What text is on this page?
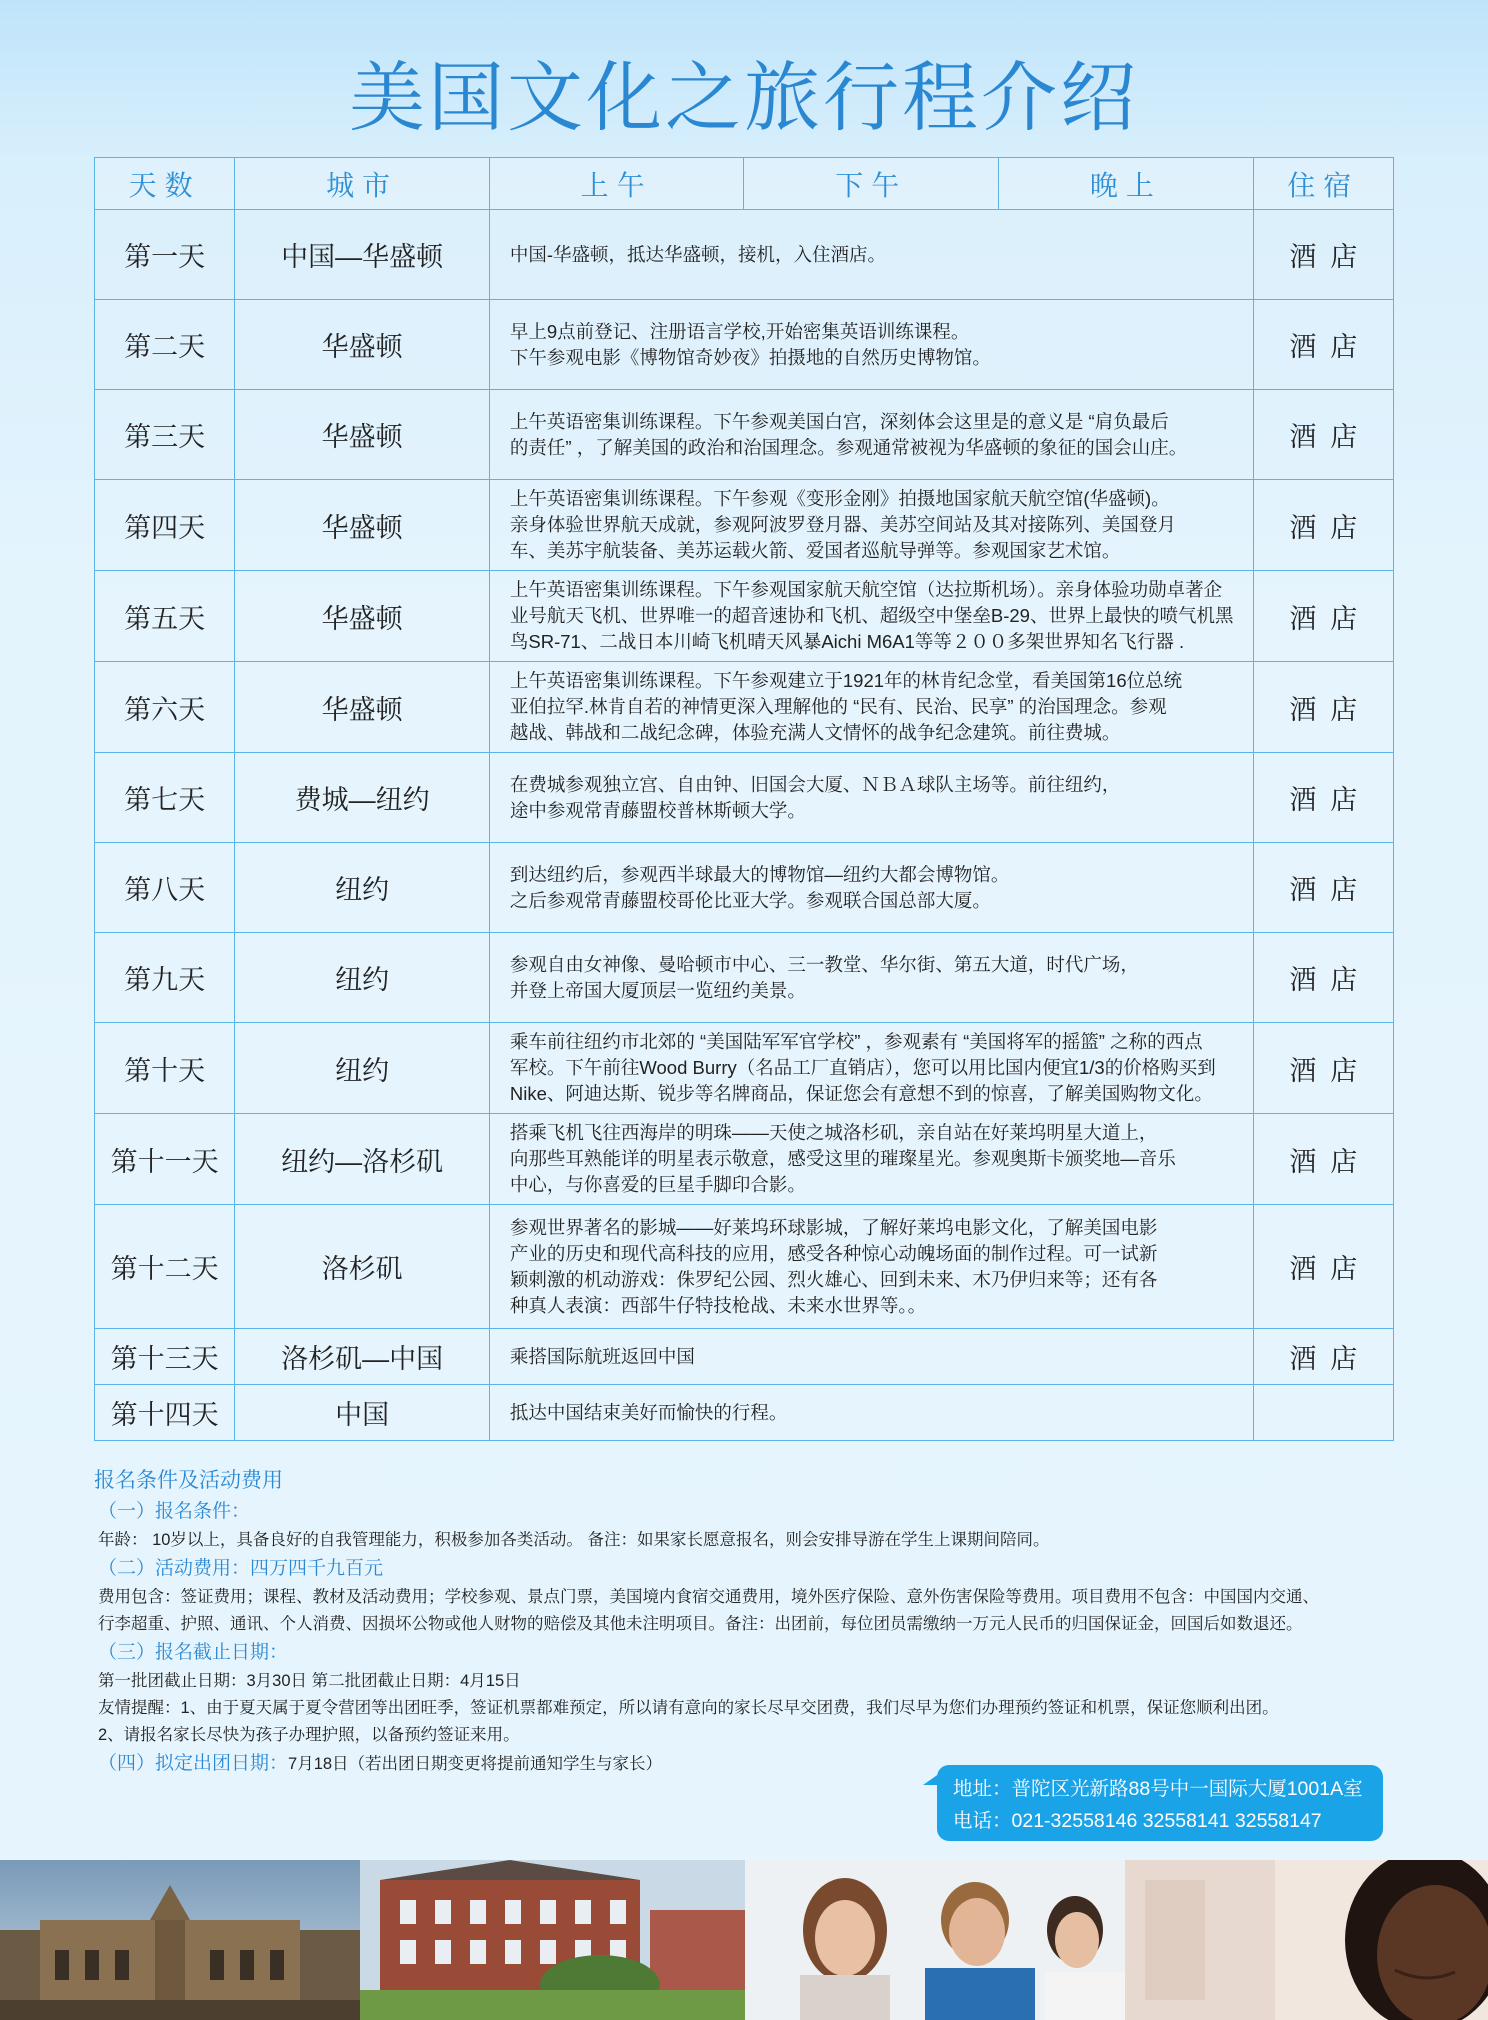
美国文化之旅行程介绍
天数	城市	上午	下午	晚上	住宿
第一天	中国—华盛顿	中国-华盛顿，抵达华盛顿，接机，入住酒店。			酒店
第二天	华盛顿	早上9点前登记、注册语言学校,开始密集英语训练课程。
下午参观电影《博物馆奇妙夜》拍摄地的自然历史博物馆。			酒店
第三天	华盛顿	上午英语密集训练课程。下午参观美国白宫，深刻体会这里是的意义是 “肩负最后
的责任” ，了解美国的政治和治国理念。参观通常被视为华盛顿的象征的国会山庄。			酒店
第四天	华盛顿	上午英语密集训练课程。下午参观《变形金刚》拍摄地国家航天航空馆(华盛顿)。
亲身体验世界航天成就，参观阿波罗登月器、美苏空间站及其对接陈列、美国登月
车、美苏宇航装备、美苏运载火箭、爱国者巡航导弹等。参观国家艺术馆。			酒店
第五天	华盛顿	上午英语密集训练课程。下午参观国家航天航空馆（达拉斯机场）。亲身体验功勋卓著企
业号航天飞机、世界唯一的超音速协和飞机、超级空中堡垒B-29、世界上最快的喷气机黑
鸟SR-71、二战日本川崎飞机晴天风暴Aichi M6A1等等２００多架世界知名飞行器 .			酒店
第六天	华盛顿	上午英语密集训练课程。下午参观建立于1921年的林肯纪念堂，看美国第16位总统
亚伯拉罕.林肯自若的神情更深入理解他的 “民有、民治、民享” 的治国理念。参观
越战、韩战和二战纪念碑，体验充满人文情怀的战争纪念建筑。前往费城。			酒店
第七天	费城—纽约	在费城参观独立宫、自由钟、旧国会大厦、ＮＢＡ球队主场等。前往纽约，
途中参观常青藤盟校普林斯顿大学。			酒店
第八天	纽约	到达纽约后，参观西半球最大的博物馆—纽约大都会博物馆。
之后参观常青藤盟校哥伦比亚大学。参观联合国总部大厦。			酒店
第九天	纽约	参观自由女神像、曼哈顿市中心、三一教堂、华尔街、第五大道，时代广场，
并登上帝国大厦顶层一览纽约美景。			酒店
第十天	纽约	乘车前往纽约市北郊的 “美国陆军军官学校” ，参观素有 “美国将军的摇篮” 之称的西点
军校。下午前往Wood Burry（名品工厂直销店），您可以用比国内便宜1/3的价格购买到
Nike、阿迪达斯、锐步等名牌商品，保证您会有意想不到的惊喜，了解美国购物文化。			酒店
第十一天	纽约—洛杉矶	搭乘飞机飞往西海岸的明珠——天使之城洛杉矶，亲自站在好莱坞明星大道上，
向那些耳熟能详的明星表示敬意，感受这里的璀璨星光。参观奥斯卡颁奖地—音乐
中心，与你喜爱的巨星手脚印合影。			酒店
第十二天	洛杉矶	参观世界著名的影城——好莱坞环球影城，了解好莱坞电影文化，了解美国电影
产业的历史和现代高科技的应用，感受各种惊心动魄场面的制作过程。可一试新
颖刺激的机动游戏：侏罗纪公园、烈火雄心、回到未来、木乃伊归来等；还有各
种真人表演：西部牛仔特技枪战、未来水世界等。。			酒店
第十三天	洛杉矶—中国	乘搭国际航班返回中国			酒店
第十四天	中国	抵达中国结束美好而愉快的行程。			

报名条件及活动费用
（一）报名条件：
年龄： 10岁以上，具备良好的自我管理能力，积极参加各类活动。 备注：如果家长愿意报名，则会安排导游在学生上课期间陪同。
（二）活动费用：四万四千九百元
费用包含：签证费用；课程、教材及活动费用；学校参观、景点门票，美国境内食宿交通费用，境外医疗保险、意外伤害保险等费用。项目费用不包含：中国国内交通、
行李超重、护照、通讯、个人消费、因损坏公物或他人财物的赔偿及其他未注明项目。备注：出团前，每位团员需缴纳一万元人民币的归国保证金，回国后如数退还。
（三）报名截止日期：
第一批团截止日期：3月30日 第二批团截止日期：4月15日
友情提醒：1、由于夏天属于夏令营团等出团旺季，签证机票都难预定，所以请有意向的家长尽早交团费，我们尽早为您们办理预约签证和机票，保证您顺利出团。
2、请报名家长尽快为孩子办理护照，以备预约签证来用。
（四）拟定出团日期：7月18日（若出团日期变更将提前通知学生与家长）
地址：普陀区光新路88号中一国际大厦1001A室
电话：021-32558146 32558141 32558147
